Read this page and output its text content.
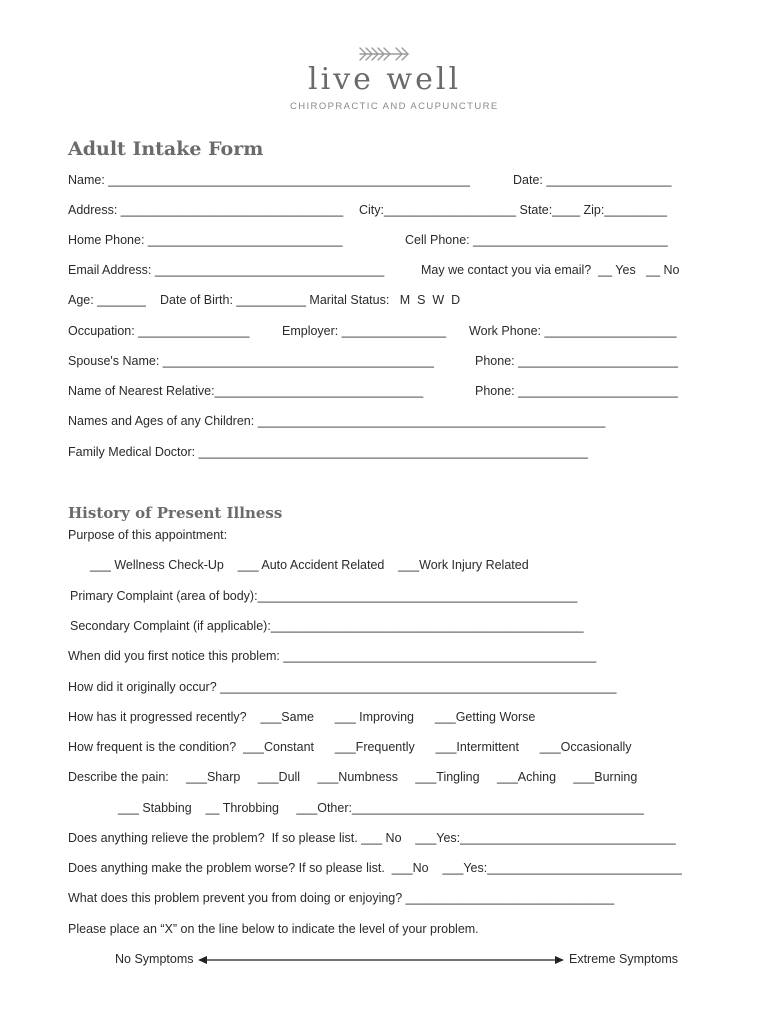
live well
CHIROPRACTIC AND ACUPUNCTURE
Adult Intake Form
Name: ____________________________________________________	Date: __________________
Address: ________________________________ City:___________________ State:____ Zip:_________
Home Phone: ____________________________	Cell Phone: ____________________________
Email Address: _________________________________	May we contact you via email?  __ Yes   __ No
Age: _______ Date of Birth: __________ Marital Status:   M  S  W  D
Occupation: ________________	Employer: _______________ Work Phone: ___________________
Spouse's Name: _______________________________________	Phone: _______________________
Name of Nearest Relative:______________________________	Phone: _______________________
Names and Ages of any Children: __________________________________________________
Family Medical Doctor: ________________________________________________________
History of Present Illness
Purpose of this appointment:
___ Wellness Check-Up    ___ Auto Accident Related    ___Work Injury Related
Primary Complaint (area of body):______________________________________________
Secondary Complaint (if applicable):_____________________________________________
When did you first notice this problem: _____________________________________________
How did it originally occur? _________________________________________________________
How has it progressed recently?    ___Same      ___ Improving      ___Getting Worse
How frequent is the condition?  ___Constant      ___Frequently      ___Intermittent      ___Occasionally
Describe the pain:     ___Sharp     ___Dull     ___Numbness     ___Tingling     ___Aching     ___Burning
___ Stabbing    __ Throbbing     ___Other:__________________________________________
Does anything relieve the problem?  If so please list. ___ No    ___Yes:_______________________________
Does anything make the problem worse? If so please list.  ___No    ___Yes:____________________________
What does this problem prevent you from doing or enjoying? ______________________________
Please place an “X” on the line below to indicate the level of your problem.
No Symptoms	Extreme Symptoms
